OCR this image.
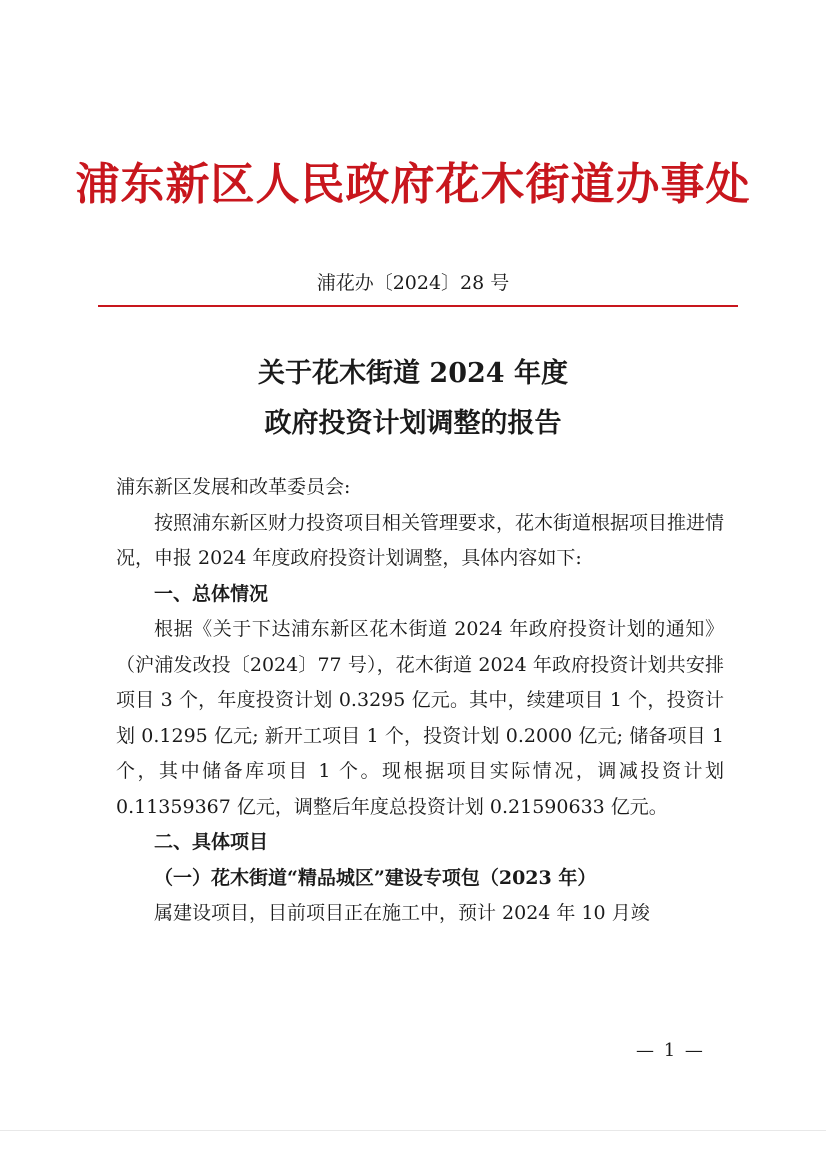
浦东新区人民政府花木街道办事处
浦花办〔2024〕28 号
关于花木街道 2024 年度
政府投资计划调整的报告

浦东新区发展和改革委员会:

按照浦东新区财力投资项目相关管理要求，花木街道根据项目推进情况，申报 2024 年度政府投资计划调整，具体内容如下:

一、总体情况

根据《关于下达浦东新区花木街道 2024 年政府投资计划的通知》（沪浦发改投〔2024〕77 号），花木街道 2024 年政府投资计划共安排项目 3 个，年度投资计划 0.3295 亿元。其中，续建项目 1 个，投资计划 0.1295 亿元; 新开工项目 1 个，投资计划 0.2000 亿元; 储备项目 1 个，其中储备库项目 1 个。现根据项目实际情况，调减投资计划 0.11359367 亿元，调整后年度总投资计划 0.21590633 亿元。

二、具体项目

（一）花木街道“精品城区”建设专项包（2023 年）

属建设项目，目前项目正在施工中，预计 2024 年 10 月竣

— 1 —
